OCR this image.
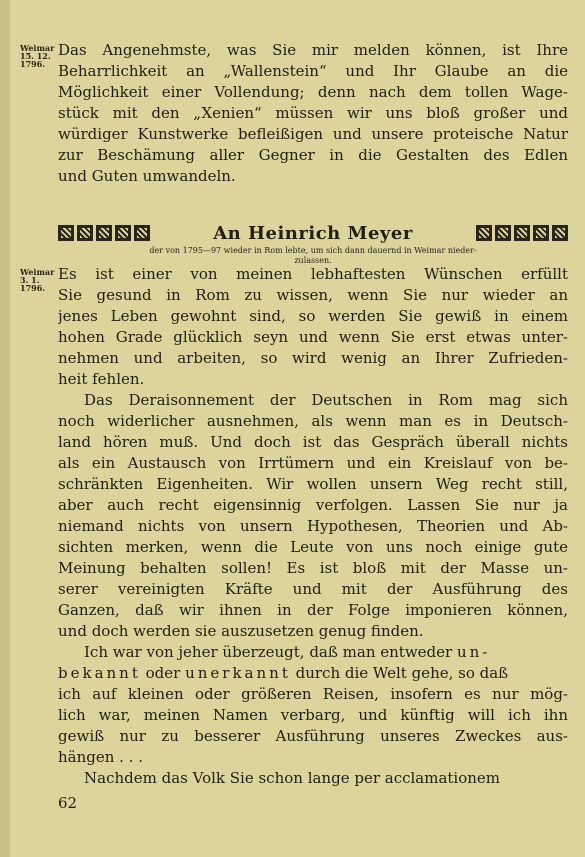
Weimar
15. 12.
1796.
Weimar
3. 1.
1796.
Das Angenehmste, was Sie mir melden können, ist Ihre
Beharrlichkeit an „Wallenstein“ und Ihr Glaube an die
Möglichkeit einer Vollendung; denn nach dem tollen Wage-
stück mit den „Xenien“ müssen wir uns bloß großer und
würdiger Kunstwerke befleißigen und unsere proteische Natur
zur Beschämung aller Gegner in die Gestalten des Edlen
und Guten umwandeln.
An Heinrich Meyer
der von 1795—97 wieder in Rom lebte, um sich dann dauernd in Weimar nieder-
zulassen.
Es ist einer von meinen lebhaftesten Wünschen erfüllt
Sie gesund in Rom zu wissen, wenn Sie nur wieder an
jenes Leben gewohnt sind, so werden Sie gewiß in einem
hohen Grade glücklich seyn und wenn Sie erst etwas unter-
nehmen und arbeiten, so wird wenig an Ihrer Zufrieden-
heit fehlen.
Das Deraisonnement der Deutschen in Rom mag sich
noch widerlicher ausnehmen, als wenn man es in Deutsch-
land hören muß. Und doch ist das Gespräch überall nichts
als ein Austausch von Irrtümern und ein Kreislauf von be-
schränkten Eigenheiten. Wir wollen unsern Weg recht still,
aber auch recht eigensinnig verfolgen. Lassen Sie nur ja
niemand nichts von unsern Hypothesen, Theorien und Ab-
sichten merken, wenn die Leute von uns noch einige gute
Meinung behalten sollen! Es ist bloß mit der Masse un-
serer vereinigten Kräfte und mit der Ausführung des
Ganzen, daß wir ihnen in der Folge imponieren können,
und doch werden sie auszusetzen genug finden.
Ich war von jeher überzeugt, daß man entweder un-
bekannt oder unerkannt durch die Welt gehe, so daß
ich auf kleinen oder größeren Reisen, insofern es nur mög-
lich war, meinen Namen verbarg, und künftig will ich ihn
gewiß nur zu besserer Ausführung unseres Zweckes aus-
hängen . . .
Nachdem das Volk Sie schon lange per acclamationem
62
